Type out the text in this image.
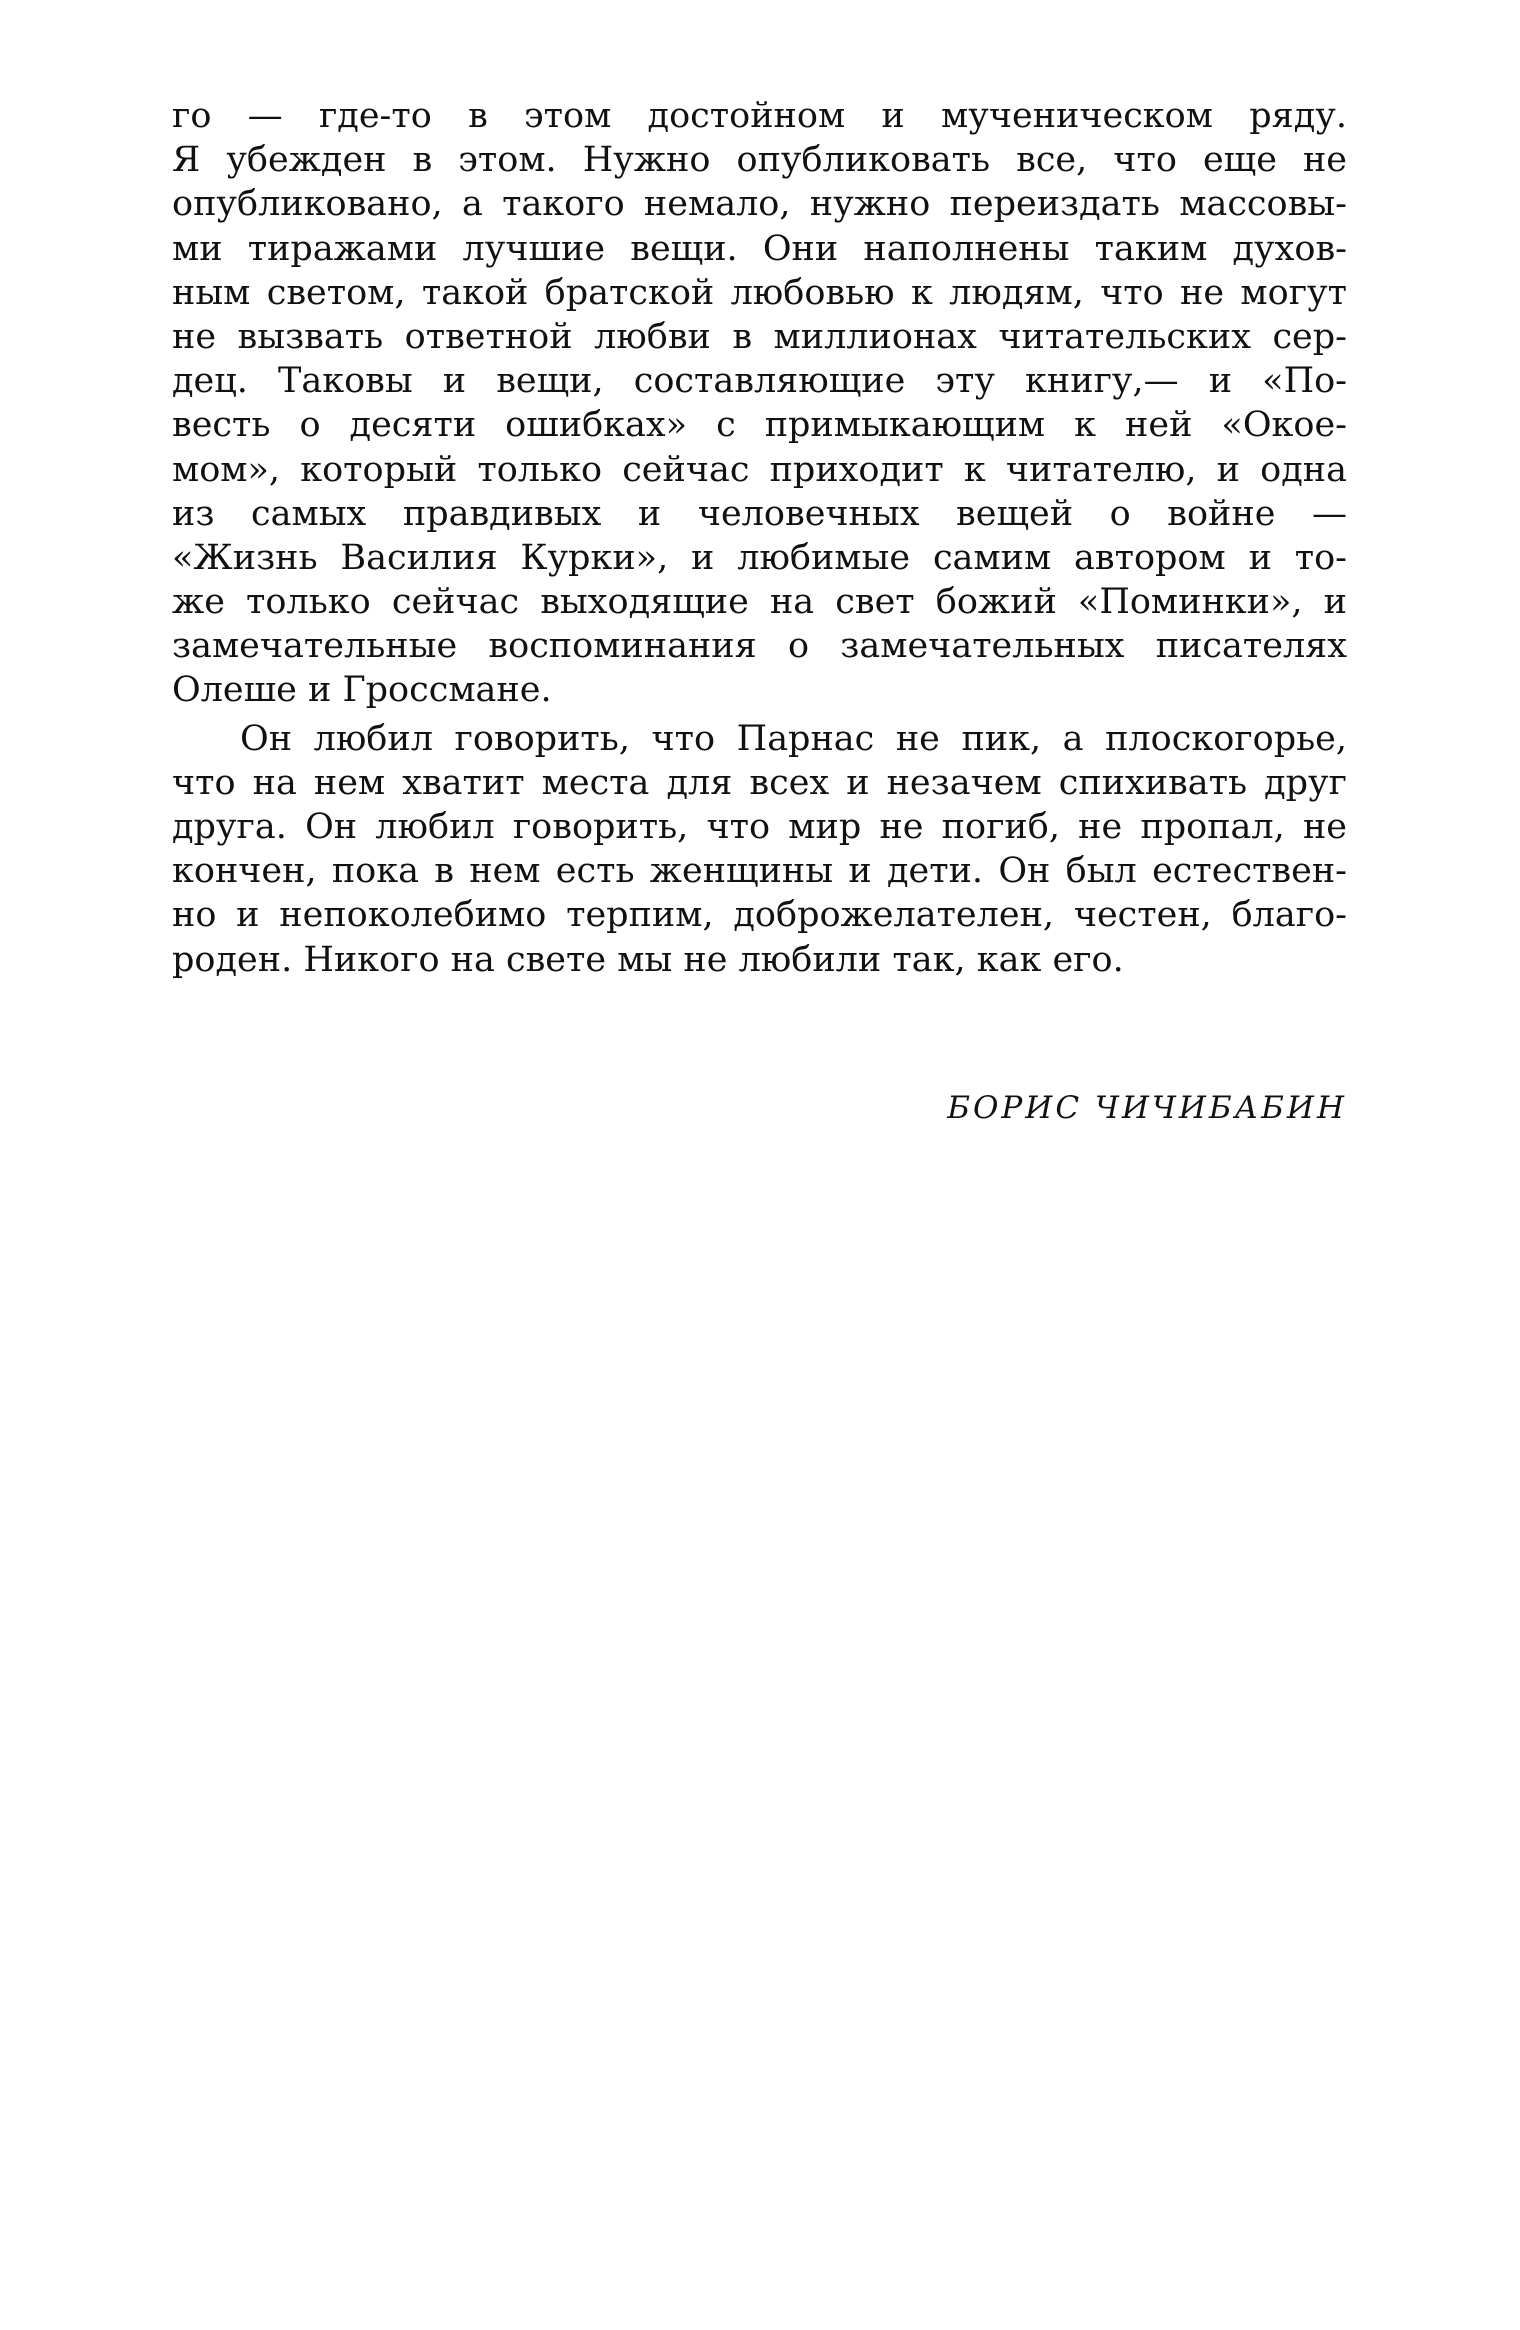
го — где-то в этом достойном и мученическом ряду.
Я убежден в этом. Нужно опубликовать все, что еще не
опубликовано, а такого немало, нужно переиздать массовы-
ми тиражами лучшие вещи. Они наполнены таким духов-
ным светом, такой братской любовью к людям, что не могут
не вызвать ответной любви в миллионах читательских сер-
дец. Таковы и вещи, составляющие эту книгу,— и «По-
весть о десяти ошибках» с примыкающим к ней «Окое-
мом», который только сейчас приходит к читателю, и одна
из самых правдивых и человечных вещей о войне —
«Жизнь Василия Курки», и любимые самим автором и то-
же только сейчас выходящие на свет божий «Поминки», и
замечательные воспоминания о замечательных писателях
Олеше и Гроссмане.
Он любил говорить, что Парнас не пик, а плоскогорье,
что на нем хватит места для всех и незачем спихивать друг
друга. Он любил говорить, что мир не погиб, не пропал, не
кончен, пока в нем есть женщины и дети. Он был естествен-
но и непоколебимо терпим, доброжелателен, честен, благо-
роден. Никого на свете мы не любили так, как его.
БОРИС ЧИЧИБАБИН
